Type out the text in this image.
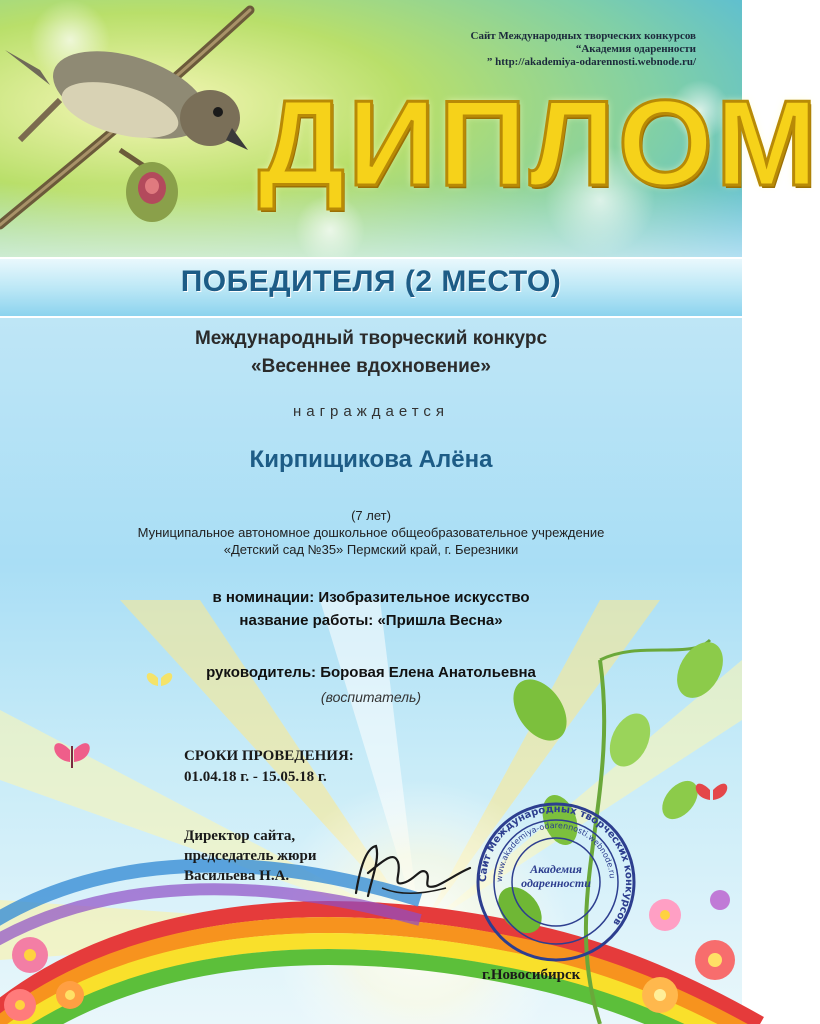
Сайт Международных творческих конкурсов
“Академия одаренности
” http://akademiya-odarennosti.webnode.ru/
ДИПЛОМ
ПОБЕДИТЕЛЯ (2 МЕСТО)
Международный творческий конкурс
«Весеннее вдохновение»
награждается
Кирпищикова Алёна
(7 лет)
Муниципальное автономное дошкольное общеобразовательное учреждение
«Детский сад №35» Пермский край, г. Березники
в номинации: Изобразительное искусство
название работы: «Пришла Весна»
руководитель: Боровая Елена Анатольевна
(воспитатель)
СРОКИ ПРОВЕДЕНИЯ:
01.04.18 г. - 15.05.18 г.
Директор сайта,
председатель жюри
Васильева Н.А.	Сайт Международных творческих конкурсов
www.akademiya-odarennosti.webnode.ru
Академия одаренности
г.Новосибирск
